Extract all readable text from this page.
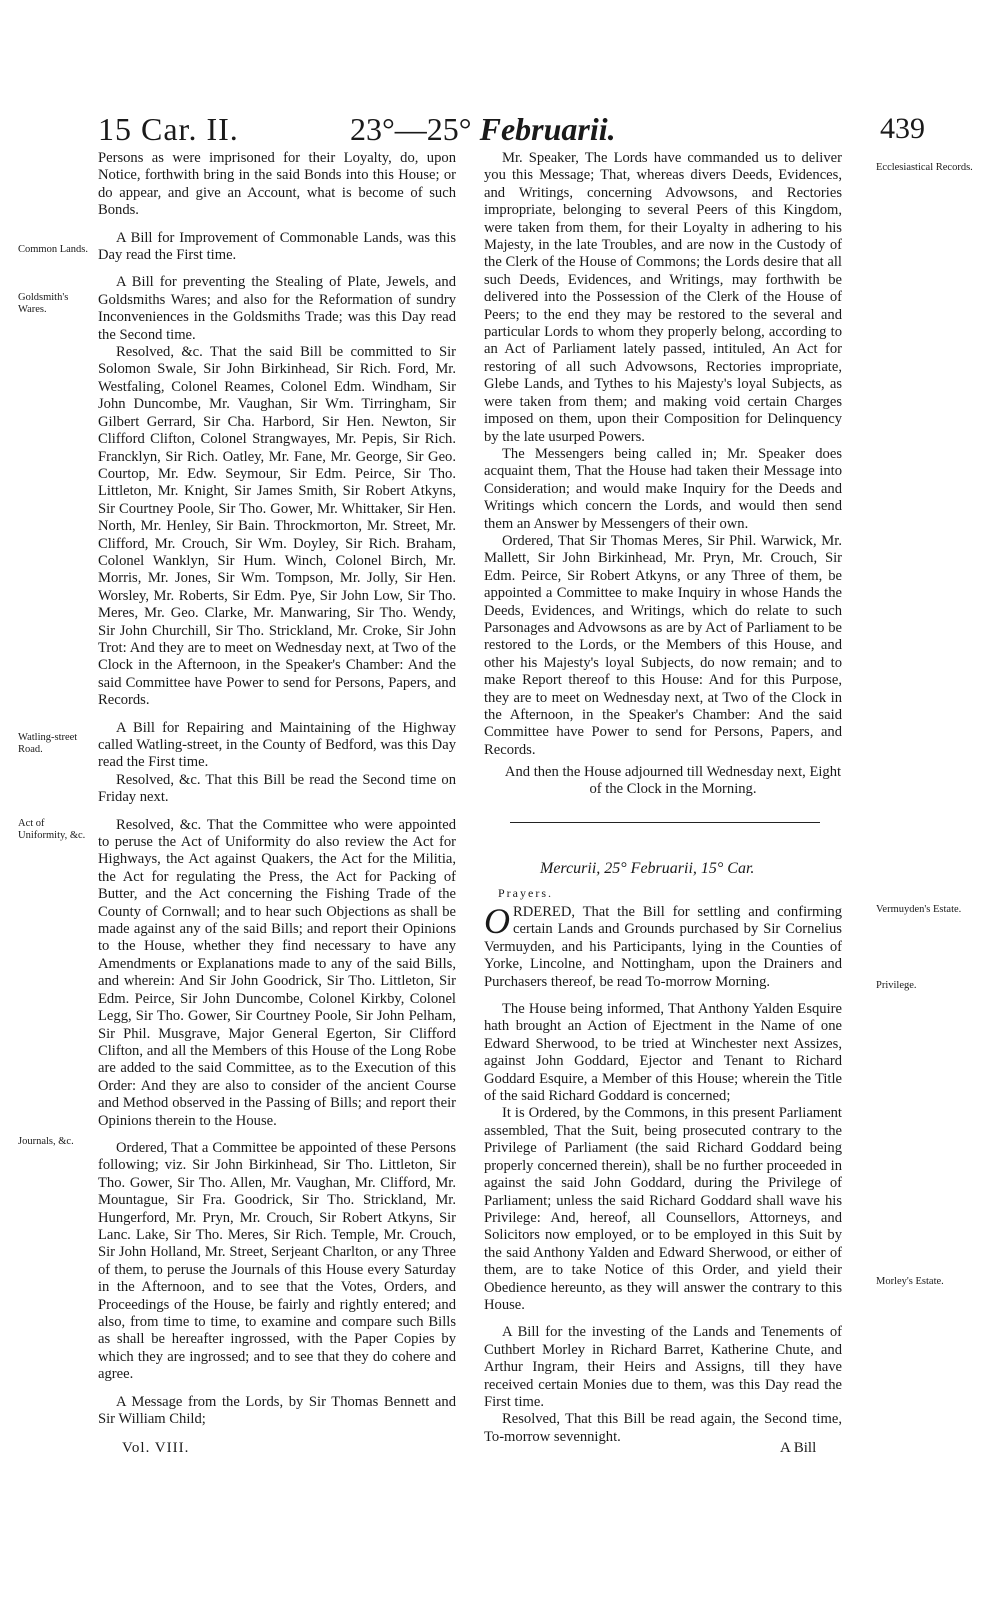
15 Car. II.	23°—25° Februarii.	439
Common Lands.
Goldsmith's Wares.
Watling-street Road.
Act of Uniformity, &c.
Journals, &c.
Ecclesiastical Records.
Vermuyden's Estate.
Privilege.
Morley's Estate.

Persons as were imprisoned for their Loyalty, do, upon Notice, forthwith bring in the said Bonds into this House; or do appear, and give an Account, what is become of such Bonds.

A Bill for Improvement of Commonable Lands, was this Day read the First time.

A Bill for preventing the Stealing of Plate, Jewels, and Goldsmiths Wares; and also for the Reformation of sundry Inconveniences in the Goldsmiths Trade; was this Day read the Second time.

Resolved, &c. That the said Bill be committed to Sir Solomon Swale, Sir John Birkinhead, Sir Rich. Ford, Mr. Westfaling, Colonel Reames, Colonel Edm. Windham, Sir John Duncombe, Mr. Vaughan, Sir Wm. Tirringham, Sir Gilbert Gerrard, Sir Cha. Harbord, Sir Hen. Newton, Sir Clifford Clifton, Colonel Strangwayes, Mr. Pepis, Sir Rich. Francklyn, Sir Rich. Oatley, Mr. Fane, Mr. George, Sir Geo. Courtop, Mr. Edw. Seymour, Sir Edm. Peirce, Sir Tho. Littleton, Mr. Knight, Sir James Smith, Sir Robert Atkyns, Sir Courtney Poole, Sir Tho. Gower, Mr. Whittaker, Sir Hen. North, Mr. Henley, Sir Bain. Throckmorton, Mr. Street, Mr. Clifford, Mr. Crouch, Sir Wm. Doyley, Sir Rich. Braham, Colonel Wanklyn, Sir Hum. Winch, Colonel Birch, Mr. Morris, Mr. Jones, Sir Wm. Tompson, Mr. Jolly, Sir Hen. Worsley, Mr. Roberts, Sir Edm. Pye, Sir John Low, Sir Tho. Meres, Mr. Geo. Clarke, Mr. Manwaring, Sir Tho. Wendy, Sir John Churchill, Sir Tho. Strickland, Mr. Croke, Sir John Trot: And they are to meet on Wednesday next, at Two of the Clock in the Afternoon, in the Speaker's Chamber: And the said Committee have Power to send for Persons, Papers, and Records.

A Bill for Repairing and Maintaining of the Highway called Watling-street, in the County of Bedford, was this Day read the First time.

Resolved, &c. That this Bill be read the Second time on Friday next.

Resolved, &c. That the Committee who were appointed to peruse the Act of Uniformity do also review the Act for Highways, the Act against Quakers, the Act for the Militia, the Act for regulating the Press, the Act for Packing of Butter, and the Act concerning the Fishing Trade of the County of Cornwall; and to hear such Objections as shall be made against any of the said Bills; and report their Opinions to the House, whether they find necessary to have any Amendments or Explanations made to any of the said Bills, and wherein: And Sir John Goodrick, Sir Tho. Littleton, Sir Edm. Peirce, Sir John Duncombe, Colonel Kirkby, Colonel Legg, Sir Tho. Gower, Sir Courtney Poole, Sir John Pelham, Sir Phil. Musgrave, Major General Egerton, Sir Clifford Clifton, and all the Members of this House of the Long Robe are added to the said Committee, as to the Execution of this Order: And they are also to consider of the ancient Course and Method observed in the Passing of Bills; and report their Opinions therein to the House.

Ordered, That a Committee be appointed of these Persons following; viz. Sir John Birkinhead, Sir Tho. Littleton, Sir Tho. Gower, Sir Tho. Allen, Mr. Vaughan, Mr. Clifford, Mr. Mountague, Sir Fra. Goodrick, Sir Tho. Strickland, Mr. Hungerford, Mr. Pryn, Mr. Crouch, Sir Robert Atkyns, Sir Lanc. Lake, Sir Tho. Meres, Sir Rich. Temple, Mr. Crouch, Sir John Holland, Mr. Street, Serjeant Charlton, or any Three of them, to peruse the Journals of this House every Saturday in the Afternoon, and to see that the Votes, Orders, and Proceedings of the House, be fairly and rightly entered; and also, from time to time, to examine and compare such Bills as shall be hereafter ingrossed, with the Paper Copies by which they are ingrossed; and to see that they do cohere and agree.

A Message from the Lords, by Sir Thomas Bennett and Sir William Child;

Mr. Speaker, The Lords have commanded us to deliver you this Message; That, whereas divers Deeds, Evidences, and Writings, concerning Advowsons, and Rectories impropriate, belonging to several Peers of this Kingdom, were taken from them, for their Loyalty in adhering to his Majesty, in the late Troubles, and are now in the Custody of the Clerk of the House of Commons; the Lords desire that all such Deeds, Evidences, and Writings, may forthwith be delivered into the Possession of the Clerk of the House of Peers; to the end they may be restored to the several and particular Lords to whom they properly belong, according to an Act of Parliament lately passed, intituled, An Act for restoring of all such Advowsons, Rectories impropriate, Glebe Lands, and Tythes to his Majesty's loyal Subjects, as were taken from them; and making void certain Charges imposed on them, upon their Composition for Delinquency by the late usurped Powers.

The Messengers being called in; Mr. Speaker does acquaint them, That the House had taken their Message into Consideration; and would make Inquiry for the Deeds and Writings which concern the Lords, and would then send them an Answer by Messengers of their own.

Ordered, That Sir Thomas Meres, Sir Phil. Warwick, Mr. Mallett, Sir John Birkinhead, Mr. Pryn, Mr. Crouch, Sir Edm. Peirce, Sir Robert Atkyns, or any Three of them, be appointed a Committee to make Inquiry in whose Hands the Deeds, Evidences, and Writings, which do relate to such Parsonages and Advowsons as are by Act of Parliament to be restored to the Lords, or the Members of this House, and other his Majesty's loyal Subjects, do now remain; and to make Report thereof to this House: And for this Purpose, they are to meet on Wednesday next, at Two of the Clock in the Afternoon, in the Speaker's Chamber: And the said Committee have Power to send for Persons, Papers, and Records.

And then the House adjourned till Wednesday next, Eight of the Clock in the Morning.
Mercurii, 25° Februarii, 15° Car.
Prayers.

ORDERED, That the Bill for settling and confirming certain Lands and Grounds purchased by Sir Cornelius Vermuyden, and his Participants, lying in the Counties of Yorke, Lincolne, and Nottingham, upon the Drainers and Purchasers thereof, be read To-morrow Morning.

The House being informed, That Anthony Yalden Esquire hath brought an Action of Ejectment in the Name of one Edward Sherwood, to be tried at Winchester next Assizes, against John Goddard, Ejector and Tenant to Richard Goddard Esquire, a Member of this House; wherein the Title of the said Richard Goddard is concerned;

It is Ordered, by the Commons, in this present Parliament assembled, That the Suit, being prosecuted contrary to the Privilege of Parliament (the said Richard Goddard being properly concerned therein), shall be no further proceeded in against the said John Goddard, during the Privilege of Parliament; unless the said Richard Goddard shall wave his Privilege: And, hereof, all Counsellors, Attorneys, and Solicitors now employed, or to be employed in this Suit by the said Anthony Yalden and Edward Sherwood, or either of them, are to take Notice of this Order, and yield their Obedience hereunto, as they will answer the contrary to this House.

A Bill for the investing of the Lands and Tenements of Cuthbert Morley in Richard Barret, Katherine Chute, and Arthur Ingram, their Heirs and Assigns, till they have received certain Monies due to them, was this Day read the First time.

Resolved, That this Bill be read again, the Second time, To-morrow sevennight.

Vol. VIII.	A Bill
